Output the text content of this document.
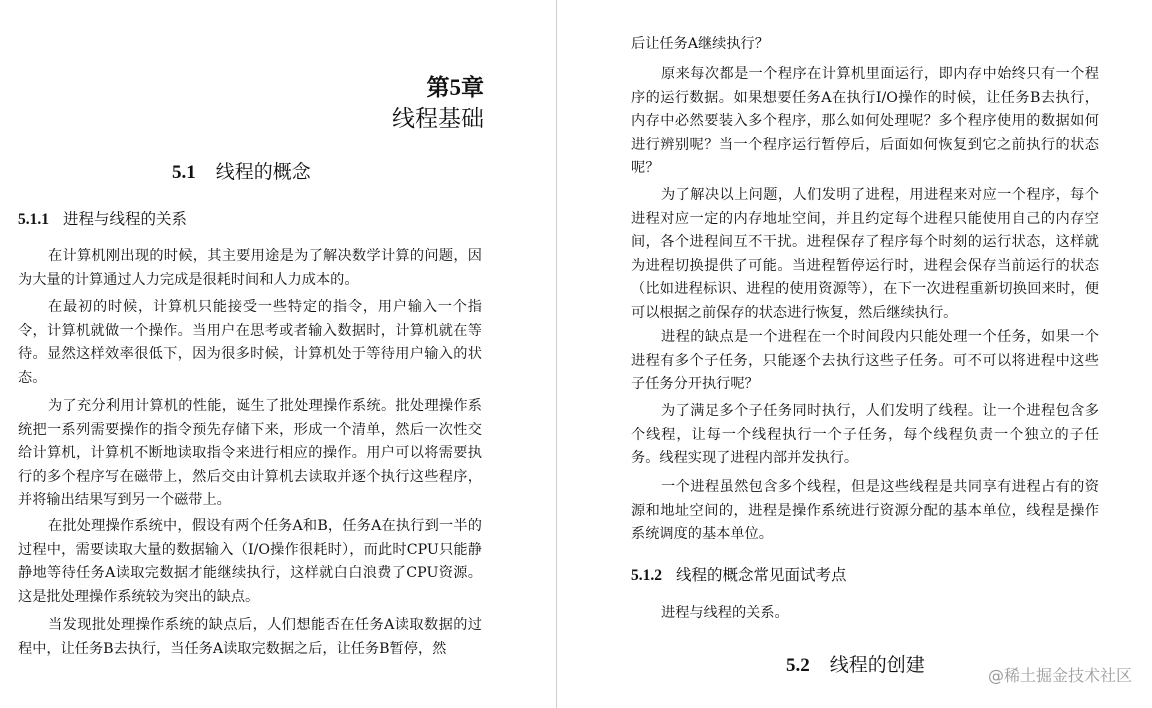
第5章
线程基础
5.1 线程的概念
5.1.1 进程与线程的关系

在计算机刚出现的时候，其主要用途是为了解决数学计算的问题，因为大量的计算通过人力完成是很耗时间和人力成本的。

在最初的时候，计算机只能接受一些特定的指令，用户输入一个指令，计算机就做一个操作。当用户在思考或者输入数据时，计算机就在等待。显然这样效率很低下，因为很多时候，计算机处于等待用户输入的状态。

为了充分利用计算机的性能，诞生了批处理操作系统。批处理操作系统把一系列需要操作的指令预先存储下来，形成一个清单，然后一次性交给计算机，计算机不断地读取指令来进行相应的操作。用户可以将需要执行的多个程序写在磁带上，然后交由计算机去读取并逐个执行这些程序，并将输出结果写到另一个磁带上。

在批处理操作系统中，假设有两个任务A和B，任务A在执行到一半的过程中，需要读取大量的数据输入（I/O操作很耗时），而此时CPU只能静静地等待任务A读取完数据才能继续执行，这样就白白浪费了CPU资源。这是批处理操作系统较为突出的缺点。

当发现批处理操作系统的缺点后，人们想能否在任务A读取数据的过程中，让任务B去执行，当任务A读取完数据之后，让任务B暂停，然

后让任务A继续执行？

原来每次都是一个程序在计算机里面运行，即内存中始终只有一个程序的运行数据。如果想要任务A在执行I/O操作的时候，让任务B去执行，内存中必然要装入多个程序，那么如何处理呢？多个程序使用的数据如何进行辨别呢？当一个程序运行暂停后，后面如何恢复到它之前执行的状态呢？

为了解决以上问题，人们发明了进程，用进程来对应一个程序，每个进程对应一定的内存地址空间，并且约定每个进程只能使用自己的内存空间，各个进程间互不干扰。进程保存了程序每个时刻的运行状态，这样就为进程切换提供了可能。当进程暂停运行时，进程会保存当前运行的状态（比如进程标识、进程的使用资源等），在下一次进程重新切换回来时，便可以根据之前保存的状态进行恢复，然后继续执行。

进程的缺点是一个进程在一个时间段内只能处理一个任务，如果一个进程有多个子任务，只能逐个去执行这些子任务。可不可以将进程中这些子任务分开执行呢？

为了满足多个子任务同时执行，人们发明了线程。让一个进程包含多个线程，让每一个线程执行一个子任务，每个线程负责一个独立的子任务。线程实现了进程内部并发执行。

一个进程虽然包含多个线程，但是这些线程是共同享有进程占有的资源和地址空间的，进程是操作系统进行资源分配的基本单位，线程是操作系统调度的基本单位。

5.1.2 线程的概念常见面试考点

进程与线程的关系。

5.2 线程的创建	@稀土掘金技术社区
